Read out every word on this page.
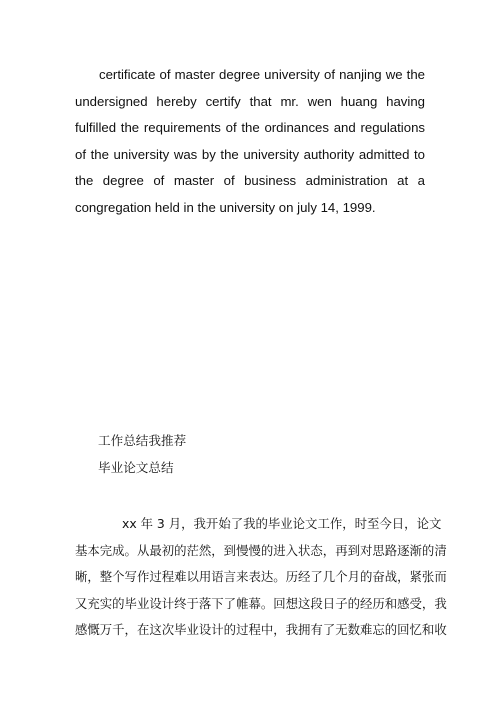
certificate of master degree university of nanjing we the
undersigned hereby certify that mr. wen huang having
fulfilled the requirements of the ordinances and regulations
of the university was by the university authority admitted to
the degree of master of business administration at a
congregation held in the university on july 14, 1999.
工作总结我推荐
毕业论文总结
xx 年 3 月，我开始了我的毕业论文工作，时至今日，论文
基本完成。从最初的茫然，到慢慢的进入状态，再到对思路逐渐的清
晰，整个写作过程难以用语言来表达。历经了几个月的奋战，紧张而
又充实的毕业设计终于落下了帷幕。回想这段日子的经历和感受，我
感慨万千，在这次毕业设计的过程中，我拥有了无数难忘的回忆和收
